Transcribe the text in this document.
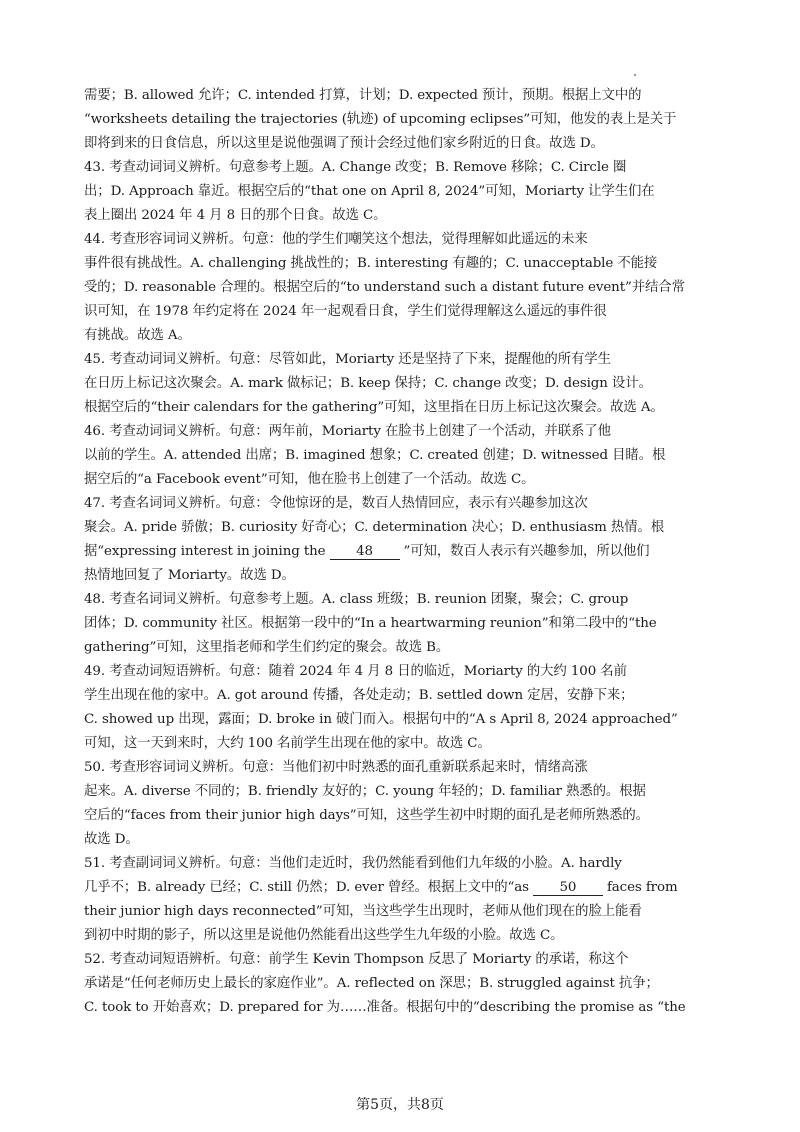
需要；B. allowed 允许；C. intended 打算，计划；D. expected 预计，预期。根据上文中的
“worksheets detailing the trajectories (轨迹) of upcoming eclipses”可知，他发的表上是关于
即将到来的日食信息，所以这里是说他强调了预计会经过他们家乡附近的日食。故选 D。
43. 考查动词词义辨析。句意参考上题。A. Change 改变；B. Remove 移除；C. Circle 圈
出；D. Approach 靠近。根据空后的“that one on April 8, 2024”可知，Moriarty 让学生们在
表上圈出 2024 年 4 月 8 日的那个日食。故选 C。
44. 考查形容词词义辨析。句意：他的学生们嘲笑这个想法，觉得理解如此遥远的未来
事件很有挑战性。A. challenging 挑战性的；B. interesting 有趣的；C. unacceptable 不能接
受的；D. reasonable 合理的。根据空后的“to understand such a distant future event”并结合常
识可知，在 1978 年约定将在 2024 年一起观看日食，学生们觉得理解这么遥远的事件很
有挑战。故选 A。
45. 考查动词词义辨析。句意：尽管如此，Moriarty 还是坚持了下来，提醒他的所有学生
在日历上标记这次聚会。A. mark 做标记；B. keep 保持；C. change 改变；D. design 设计。
根据空后的“their calendars for the gathering”可知，这里指在日历上标记这次聚会。故选 A。
46. 考查动词词义辨析。句意：两年前，Moriarty 在脸书上创建了一个活动，并联系了他
以前的学生。A. attended 出席；B. imagined 想象；C. created 创建；D. witnessed 目睹。根
据空后的“a Facebook event”可知，他在脸书上创建了一个活动。故选 C。
47. 考查名词词义辨析。句意：令他惊讶的是，数百人热情回应，表示有兴趣参加这次
聚会。A. pride 骄傲；B. curiosity 好奇心；C. determination 决心；D. enthusiasm 热情。根
据“expressing interest in joining the 48 ”可知，数百人表示有兴趣参加，所以他们
热情地回复了 Moriarty。故选 D。
48. 考查名词词义辨析。句意参考上题。A. class 班级；B. reunion 团聚，聚会；C. group
团体；D. community 社区。根据第一段中的“In a heartwarming reunion”和第二段中的“the
gathering”可知，这里指老师和学生们约定的聚会。故选 B。
49. 考查动词短语辨析。句意：随着 2024 年 4 月 8 日的临近，Moriarty 的大约 100 名前
学生出现在他的家中。A. got around 传播，各处走动；B. settled down 定居，安静下来；
C. showed up 出现，露面；D. broke in 破门而入。根据句中的“A s April 8, 2024 approached”
可知，这一天到来时，大约 100 名前学生出现在他的家中。故选 C。
50. 考查形容词词义辨析。句意：当他们初中时熟悉的面孔重新联系起来时，情绪高涨
起来。A. diverse 不同的；B. friendly 友好的；C. young 年轻的；D. familiar 熟悉的。根据
空后的“faces from their junior high days”可知，这些学生初中时期的面孔是老师所熟悉的。
故选 D。
51. 考查副词词义辨析。句意：当他们走近时，我仍然能看到他们九年级的小脸。A. hardly
几乎不；B. already 已经；C. still 仍然；D. ever 曾经。根据上文中的“as 50 faces from
their junior high days reconnected”可知，当这些学生出现时，老师从他们现在的脸上能看
到初中时期的影子，所以这里是说他仍然能看出这些学生九年级的小脸。故选 C。
52. 考查动词短语辨析。句意：前学生 Kevin Thompson 反思了 Moriarty 的承诺，称这个
承诺是“任何老师历史上最长的家庭作业”。A. reflected on 深思；B. struggled against 抗争；
C. took to 开始喜欢；D. prepared for 为……准备。根据句中的“describing the promise as “the
第5页，共8页
